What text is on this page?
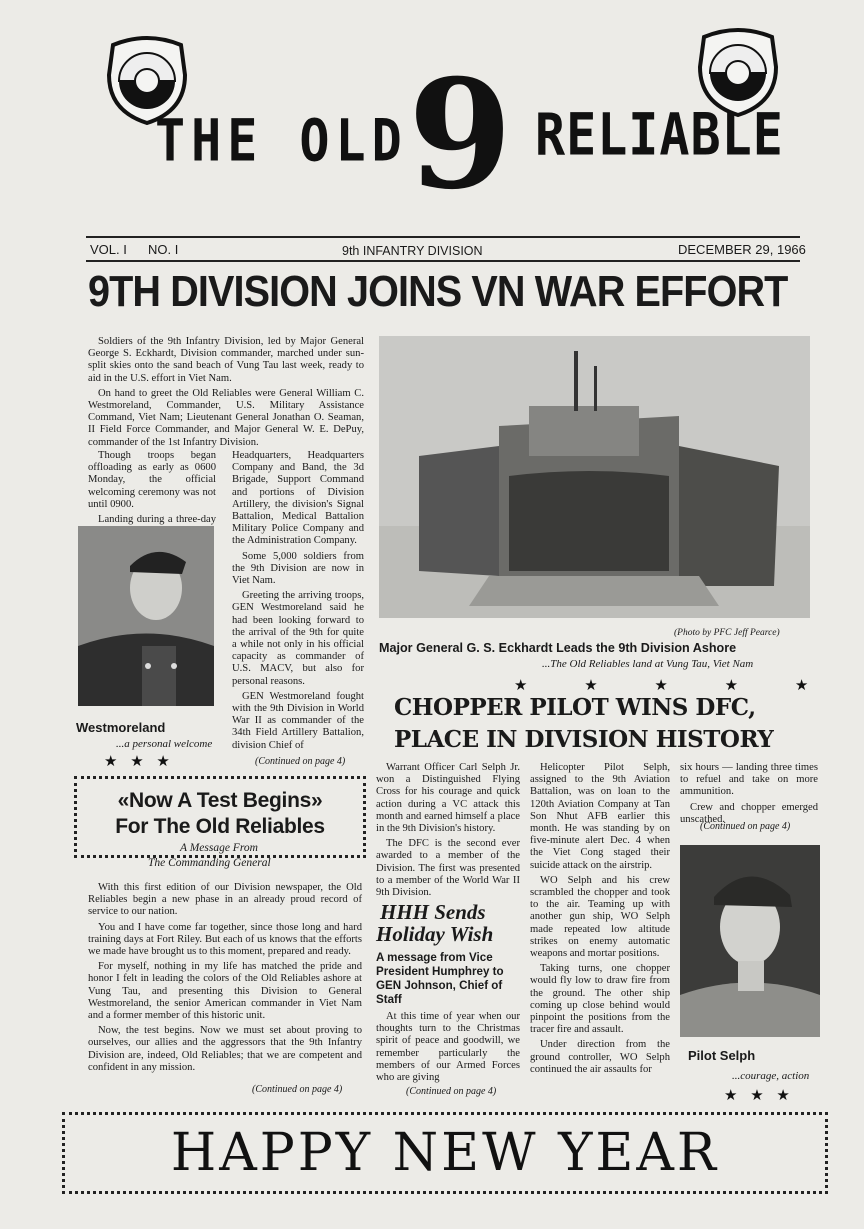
THE OLD 9 RELIABLE
VOL. I NO. I	9th INFANTRY DIVISION	DECEMBER 29, 1966
9TH DIVISION JOINS VN WAR EFFORT

Soldiers of the 9th Infantry Division, led by Major General George S. Eckhardt, Division commander, marched under sun-split skies onto the sand beach of Vung Tau last week, ready to aid in the U.S. effort in Viet Nam.

On hand to greet the Old Reliables were General William C. Westmoreland, Commander, U.S. Military Assistance Command, Viet Nam; Lieutenant General Jonathan O. Seaman, II Field Force Commander, and Major General W. E. DePuy, commander of the 1st Infantry Division.

Though troops began offloading as early as 0600 Monday, the official welcoming ceremony was not until 0900.

Landing during a three-day

Headquarters, Headquarters Company and Band, the 3d Brigade, Support Command and portions of Division Artillery, the division's Signal Battalion, Medical Battalion Military Police Company and the Administration Company.

Some 5,000 soldiers from the 9th Division are now in Viet Nam.

Greeting the arriving troops, GEN Westmoreland said he had been looking forward to the arrival of the 9th for quite a while not only in his official capacity as commander of U.S. MACV, but also for personal reasons.

GEN Westmoreland fought with the 9th Division in World War II as commander of the 34th Field Artillery Battalion, division Chief of

(Continued on page 4)
Westmoreland
...a personal welcome
★ ★ ★
(Photo by PFC Jeff Pearce)
Major General G. S. Eckhardt Leads the 9th Division Ashore
...The Old Reliables land at Vung Tau, Viet Nam
★ ★ ★ ★ ★
«Now A Test Begins»
For The Old Reliables
A Message From
The Commanding General

With this first edition of our Division newspaper, the Old Reliables begin a new phase in an already proud record of service to our nation.

You and I have come far together, since those long and hard training days at Fort Riley. But each of us knows that the efforts we made have brought us to this moment, prepared and ready.

For myself, nothing in my life has matched the pride and honor I felt in leading the colors of the Old Reliables ashore at Vung Tau, and presenting this Division to General Westmoreland, the senior American commander in Viet Nam and a former member of this historic unit.

Now, the test begins. Now we must set about proving to ourselves, our allies and the aggressors that the 9th Infantry Division are, indeed, Old Reliables; that we are competent and confident in any mission.

(Continued on page 4)
CHOPPER PILOT WINS DFC,
PLACE IN DIVISION HISTORY

Warrant Officer Carl Selph Jr. won a Distinguished Flying Cross for his courage and quick action during a VC attack this month and earned himself a place in the 9th Division's history.

The DFC is the second ever awarded to a member of the Division. The first was presented to a member of the World War II 9th Division.

Helicopter Pilot Selph, assigned to the 9th Aviation Battalion, was on loan to the 120th Aviation Company at Tan Son Nhut AFB earlier this month. He was standing by on five-minute alert Dec. 4 when the Viet Cong staged their suicide attack on the airstrip.

WO Selph and his crew scrambled the chopper and took to the air. Teaming up with another gun ship, WO Selph made repeated low altitude strikes on enemy automatic weapons and mortar positions.

Taking turns, one chopper would fly low to draw fire from the ground. The other ship coming up close behind would pinpoint the positions from the tracer fire and assault.

Under direction from the ground controller, WO Selph continued the air assaults for

six hours — landing three times to refuel and take on more ammunition.

Crew and chopper emerged unscathed.

(Continued on page 4)
HHH Sends
Holiday Wish
A message from Vice President Humphrey to GEN Johnson, Chief of Staff

At this time of year when our thoughts turn to the Christmas spirit of peace and goodwill, we remember particularly the members of our Armed Forces who are giving

(Continued on page 4)
Pilot Selph
...courage, action
★ ★ ★
HAPPY NEW YEAR
